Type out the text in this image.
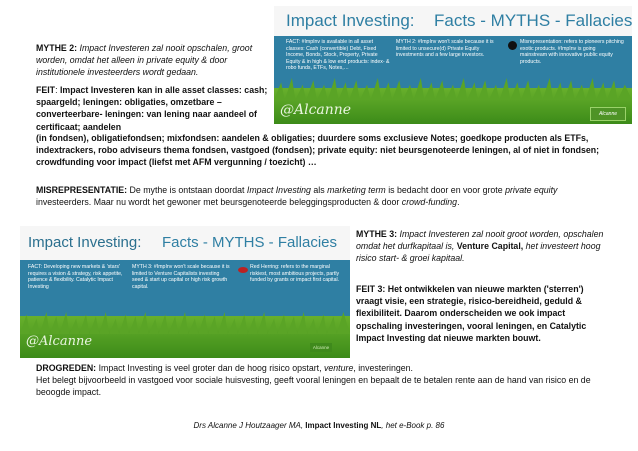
Impact Investing: Facts - MYTHS - Fallacies
FACT: #ImpInv is available in all asset classes: Cash (convertible) Debt, Fixed Income, Bonds, Stock, Property, Private Equity & in high & low end products: index- & robo funds, ETFs, Notes,…
MYTH 2: #ImpInv won't scale because it is limited to unsecure(d) Private Equity investments and a few large investors.
Misrepresentation: refers to pioneers pitching exotic products. #ImpInv is going mainstream with innovative public equity products.
@Alcanne	Alcanne
MYTHE 2: Impact Investeren zal nooit opschalen, groot worden, omdat het alleen in private equity & door institutionele investeerders wordt gedaan.
FEIT: Impact Investeren kan in alle asset classes: cash; spaargeld; leningen: obligaties, omzetbare –converteerbare- leningen: van lening naar aandeel of certificaat; aandelen
(in fondsen), obligatiefondsen; mixfondsen: aandelen & obligaties; duurdere soms exclusieve Notes; goedkope producten als ETFs, indextrackers, robo adviseurs thema fondsen, vastgoed (fondsen); private equity: niet beursgenoteerde leningen, al of niet in fondsen; crowdfunding voor impact (liefst met AFM vergunning / toezicht) …
MISREPRESENTATIE: De mythe is ontstaan doordat Impact Investing als marketing term is bedacht door en voor grote private equity investeerders. Maar nu wordt het gewoner met beursgenoteerde beleggingsproducten & door crowd-funding.
Impact Investing: Facts - MYTHS - Fallacies
FACT: Developing new markets & 'stars' requires a vision & strategy, risk appetite, patience & flexibility. Catalytic Impact Investing
MYTH 3: #ImpInv won't scale because it is limited to Venture Capitalists investing seed & start up capital or high risk growth capital.
Red Herring: refers to the marginal riskiest, most ambitious projects, partly funded by grants or impact first capital.
@Alcanne	Alcanne
MYTHE 3: Impact Investeren zal nooit groot worden, opschalen omdat het durfkapitaal is, Venture Capital, het investeert hoog risico start- & groei kapitaal.
FEIT 3: Het ontwikkelen van nieuwe markten ('sterren') vraagt visie, een strategie, risico-bereidheid, geduld & flexibiliteit. Daarom onderscheiden we ook impact opschaling investeringen, vooral leningen, en Catalytic Impact Investing dat nieuwe markten bouwt.
DROGREDEN: Impact Investing is veel groter dan de hoog risico opstart, venture, investeringen.
Het belegt bijvoorbeeld in vastgoed voor sociale huisvesting, geeft vooral leningen en bepaalt de te betalen rente aan de hand van risico en de beoogde impact.
Drs Alcanne J Houtzaager MA, Impact Investing NL, het e-Book p. 86
